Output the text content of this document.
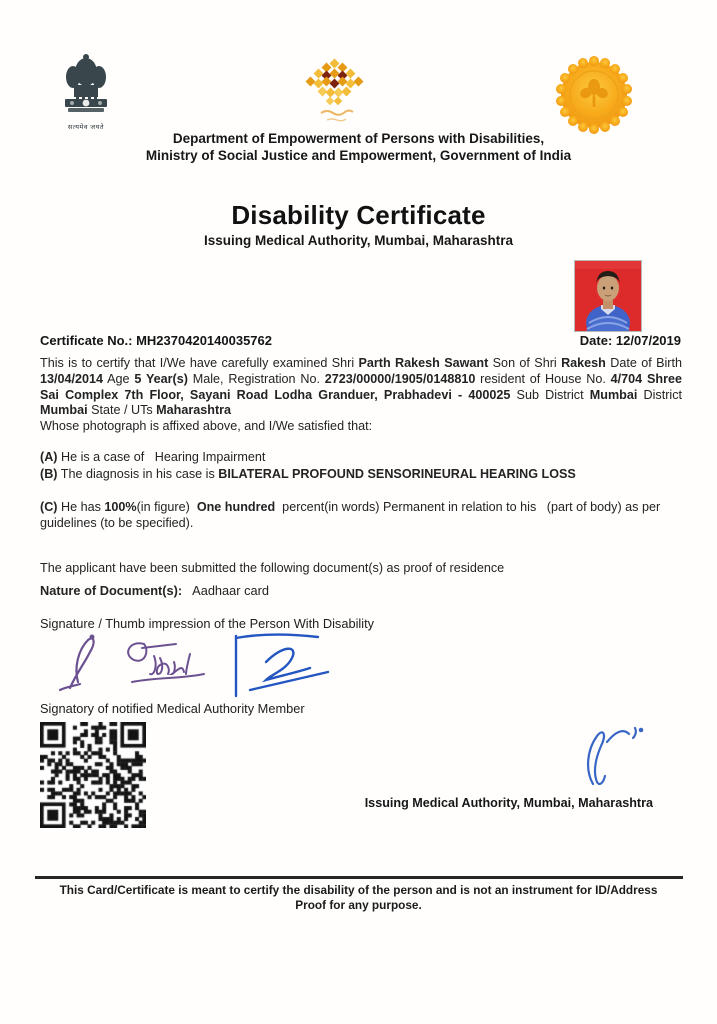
सत्यमेव जयते
Department of Empowerment of Persons with Disabilities,
Ministry of Social Justice and Empowerment, Government of India
Disability Certificate
Issuing Medical Authority, Mumbai, Maharashtra
Certificate No.: MH2370420140035762	Date: 12/07/2019
This is to certify that I/We have carefully examined Shri Parth Rakesh Sawant Son of Shri Rakesh Date of Birth 13/04/2014 Age 5 Year(s) Male, Registration No. 2723/00000/1905/0148810 resident of House No. 4/704 Shree Sai Complex 7th Floor, Sayani Road Lodha Granduer, Prabhadevi - 400025 Sub District Mumbai District Mumbai State / UTs Maharashtra
Whose photograph is affixed above, and I/We satisfied that:
(A) He is a case of   Hearing Impairment
(B) The diagnosis in his case is BILATERAL PROFOUND SENSORINEURAL HEARING LOSS
(C) He has 100%(in figure)  One hundred  percent(in words) Permanent in relation to his   (part of body) as per guidelines (to be specified).
The applicant have been submitted the following document(s) as proof of residence
Nature of Document(s):   Aadhaar card
Signature / Thumb impression of the Person With Disability
Signatory of notified Medical Authority Member
Issuing Medical Authority, Mumbai, Maharashtra
This Card/Certificate is meant to certify the disability of the person and is not an instrument for ID/Address Proof for any purpose.
